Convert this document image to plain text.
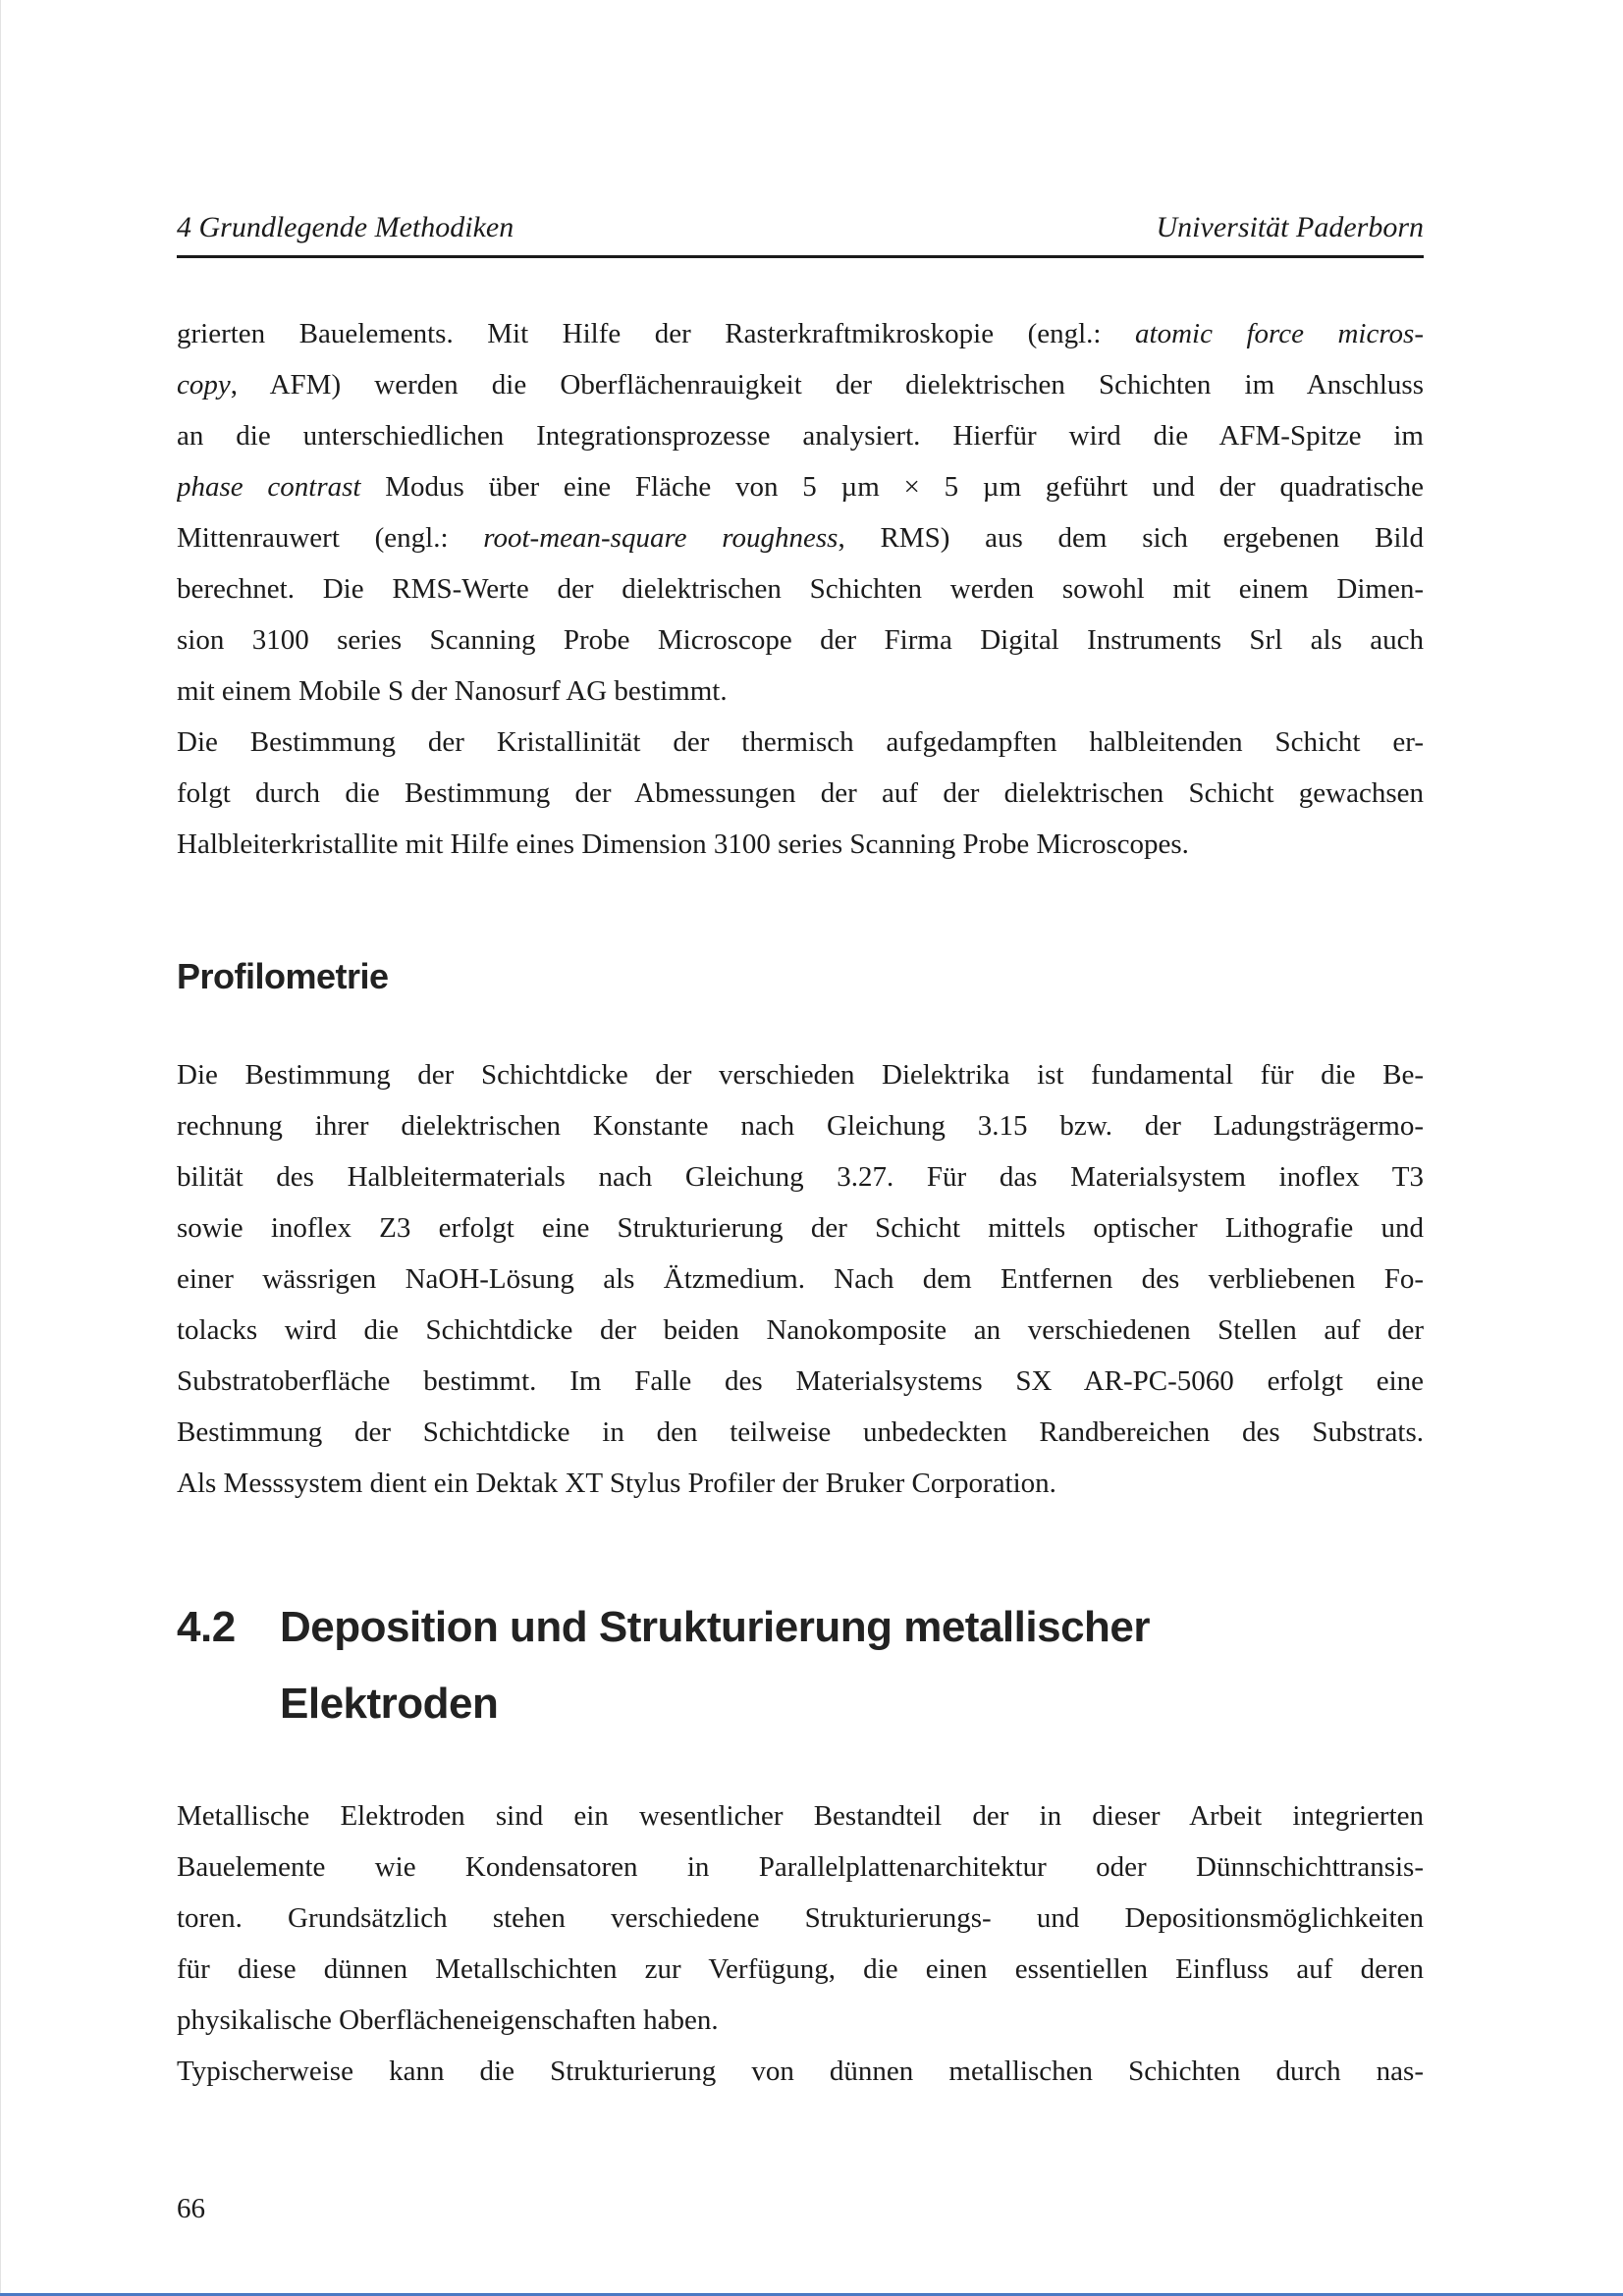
4 Grundlegende Methodiken	Universität Paderborn
grierten Bauelements. Mit Hilfe der Rasterkraftmikroskopie (engl.: atomic force micros-
copy, AFM) werden die Oberflächenrauigkeit der dielektrischen Schichten im Anschluss
an die unterschiedlichen Integrationsprozesse analysiert. Hierfür wird die AFM-Spitze im
phase contrast Modus über eine Fläche von 5 µm × 5 µm geführt und der quadratische
Mittenrauwert (engl.: root-mean-square roughness, RMS) aus dem sich ergebenen Bild
berechnet. Die RMS-Werte der dielektrischen Schichten werden sowohl mit einem Dimen-
sion 3100 series Scanning Probe Microscope der Firma Digital Instruments Srl als auch
mit einem Mobile S der Nanosurf AG bestimmt.
Die Bestimmung der Kristallinität der thermisch aufgedampften halbleitenden Schicht er-
folgt durch die Bestimmung der Abmessungen der auf der dielektrischen Schicht gewachsen
Halbleiterkristallite mit Hilfe eines Dimension 3100 series Scanning Probe Microscopes.
Profilometrie
Die Bestimmung der Schichtdicke der verschieden Dielektrika ist fundamental für die Be-
rechnung ihrer dielektrischen Konstante nach Gleichung 3.15 bzw. der Ladungsträgermo-
bilität des Halbleitermaterials nach Gleichung 3.27. Für das Materialsystem inoflex T3
sowie inoflex Z3 erfolgt eine Strukturierung der Schicht mittels optischer Lithografie und
einer wässrigen NaOH-Lösung als Ätzmedium. Nach dem Entfernen des verbliebenen Fo-
tolacks wird die Schichtdicke der beiden Nanokomposite an verschiedenen Stellen auf der
Substratoberfläche bestimmt. Im Falle des Materialsystems SX AR-PC-5060 erfolgt eine
Bestimmung der Schichtdicke in den teilweise unbedeckten Randbereichen des Substrats.
Als Messsystem dient ein Dektak XT Stylus Profiler der Bruker Corporation.
4.2	Deposition und Strukturierung metallischer
Elektroden
Metallische Elektroden sind ein wesentlicher Bestandteil der in dieser Arbeit integrierten
Bauelemente wie Kondensatoren in Parallelplattenarchitektur oder Dünnschichttransis-
toren. Grundsätzlich stehen verschiedene Strukturierungs- und Depositionsmöglichkeiten
für diese dünnen Metallschichten zur Verfügung, die einen essentiellen Einfluss auf deren
physikalische Oberflächeneigenschaften haben.
Typischerweise kann die Strukturierung von dünnen metallischen Schichten durch nas-
66
